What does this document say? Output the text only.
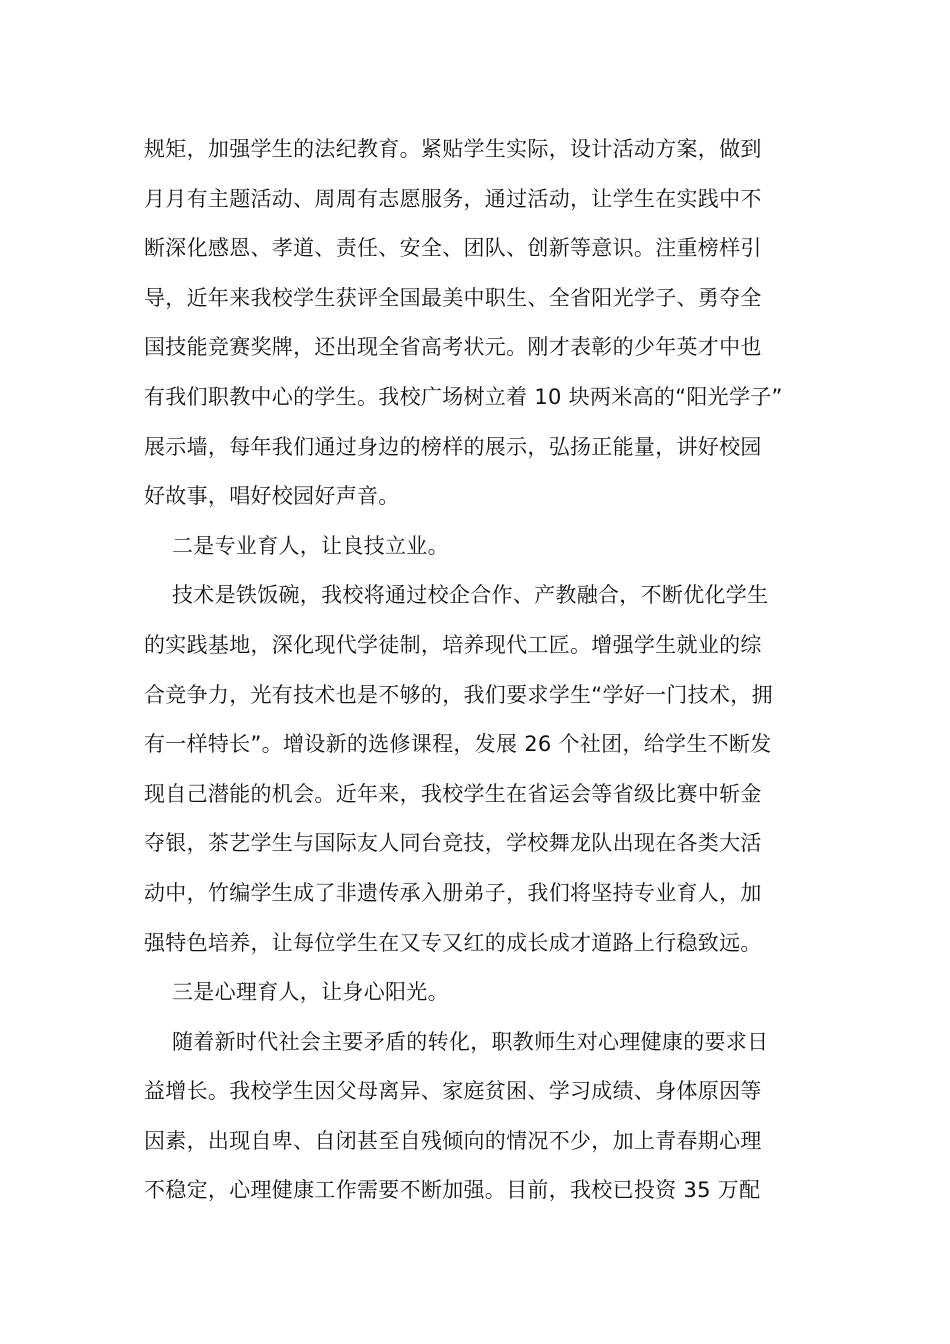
规矩，加强学生的法纪教育。紧贴学生实际，设计活动方案，做到
月月有主题活动、周周有志愿服务，通过活动，让学生在实践中不
断深化感恩、孝道、责任、安全、团队、创新等意识。注重榜样引
导，近年来我校学生获评全国最美中职生、全省阳光学子、勇夺全
国技能竞赛奖牌，还出现全省高考状元。刚才表彰的少年英才中也
有我们职教中心的学生。我校广场树立着 10 块两米高的“阳光学子”
展示墙，每年我们通过身边的榜样的展示，弘扬正能量，讲好校园
好故事，唱好校园好声音。
二是专业育人，让良技立业。
技术是铁饭碗，我校将通过校企合作、产教融合，不断优化学生
的实践基地，深化现代学徒制，培养现代工匠。增强学生就业的综
合竞争力，光有技术也是不够的，我们要求学生“学好一门技术，拥
有一样特长”。增设新的选修课程，发展 26 个社团，给学生不断发
现自己潜能的机会。近年来，我校学生在省运会等省级比赛中斩金
夺银，茶艺学生与国际友人同台竞技，学校舞龙队出现在各类大活
动中，竹编学生成了非遗传承入册弟子，我们将坚持专业育人，加
强特色培养，让每位学生在又专又红的成长成才道路上行稳致远。
三是心理育人，让身心阳光。
随着新时代社会主要矛盾的转化，职教师生对心理健康的要求日
益增长。我校学生因父母离异、家庭贫困、学习成绩、身体原因等
因素，出现自卑、自闭甚至自残倾向的情况不少，加上青春期心理
不稳定，心理健康工作需要不断加强。目前，我校已投资 35 万配
